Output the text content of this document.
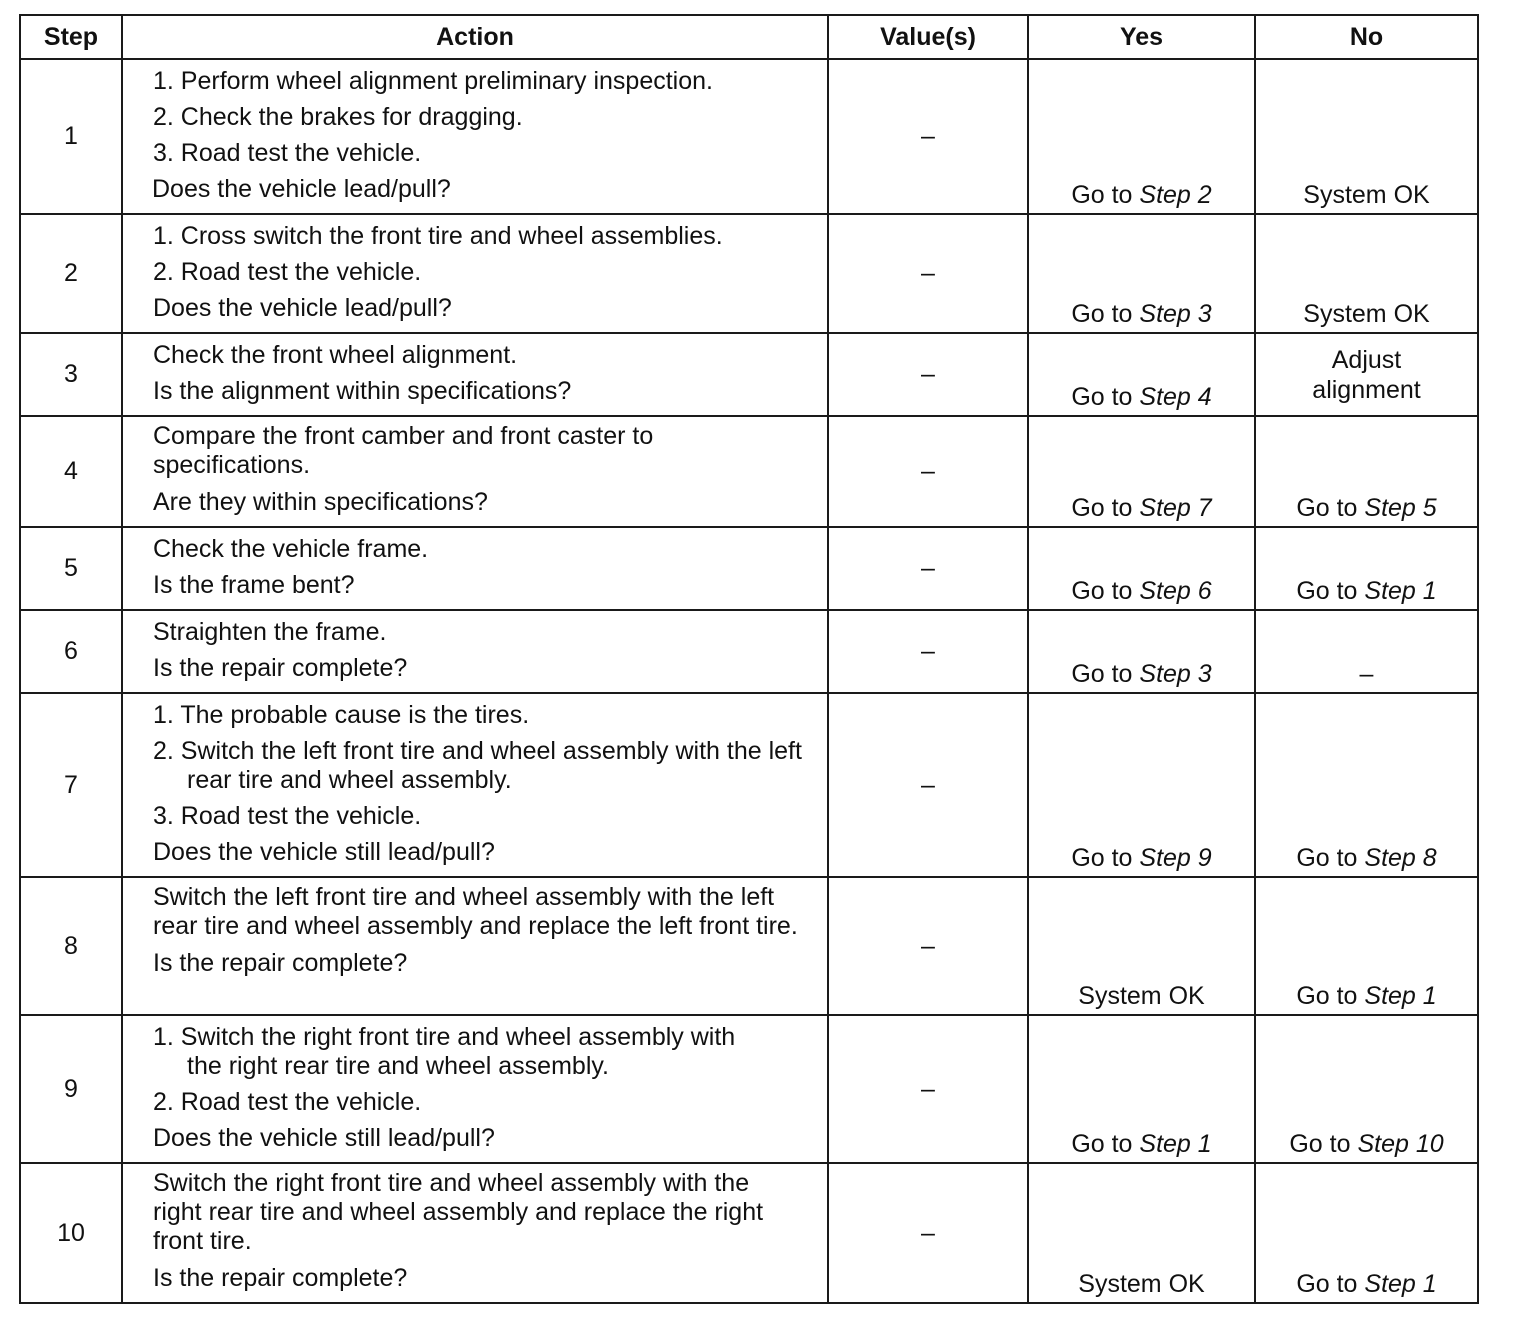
Step	Action	Value(s)	Yes	No
1	1. Perform wheel alignment preliminary inspection.
2. Check the brakes for dragging.
3. Road test the vehicle.
Does the vehicle lead/pull?	–	Go to Step 2	System OK
2	1. Cross switch the front tire and wheel assemblies.
2. Road test the vehicle.
Does the vehicle lead/pull?	–	Go to Step 3	System OK
3	Check the front wheel alignment.
Is the alignment within specifications?	–	Go to Step 4	Adjust alignment
4	Compare the front camber and front caster to specifications.
Are they within specifications?	–	Go to Step 7	Go to Step 5
5	Check the vehicle frame.
Is the frame bent?	–	Go to Step 6	Go to Step 1
6	Straighten the frame.
Is the repair complete?	–	Go to Step 3	–
7	1. The probable cause is the tires.
2. Switch the left front tire and wheel assembly with the left rear tire and wheel assembly.
3. Road test the vehicle.
Does the vehicle still lead/pull?	–	Go to Step 9	Go to Step 8
8	Switch the left front tire and wheel assembly with the left rear tire and wheel assembly and replace the left front tire.
Is the repair complete?	–	System OK	Go to Step 1
9	1. Switch the right front tire and wheel assembly with the right rear tire and wheel assembly.
2. Road test the vehicle.
Does the vehicle still lead/pull?	–	Go to Step 1	Go to Step 10
10	Switch the right front tire and wheel assembly with the right rear tire and wheel assembly and replace the right front tire.
Is the repair complete?	–	System OK	Go to Step 1
